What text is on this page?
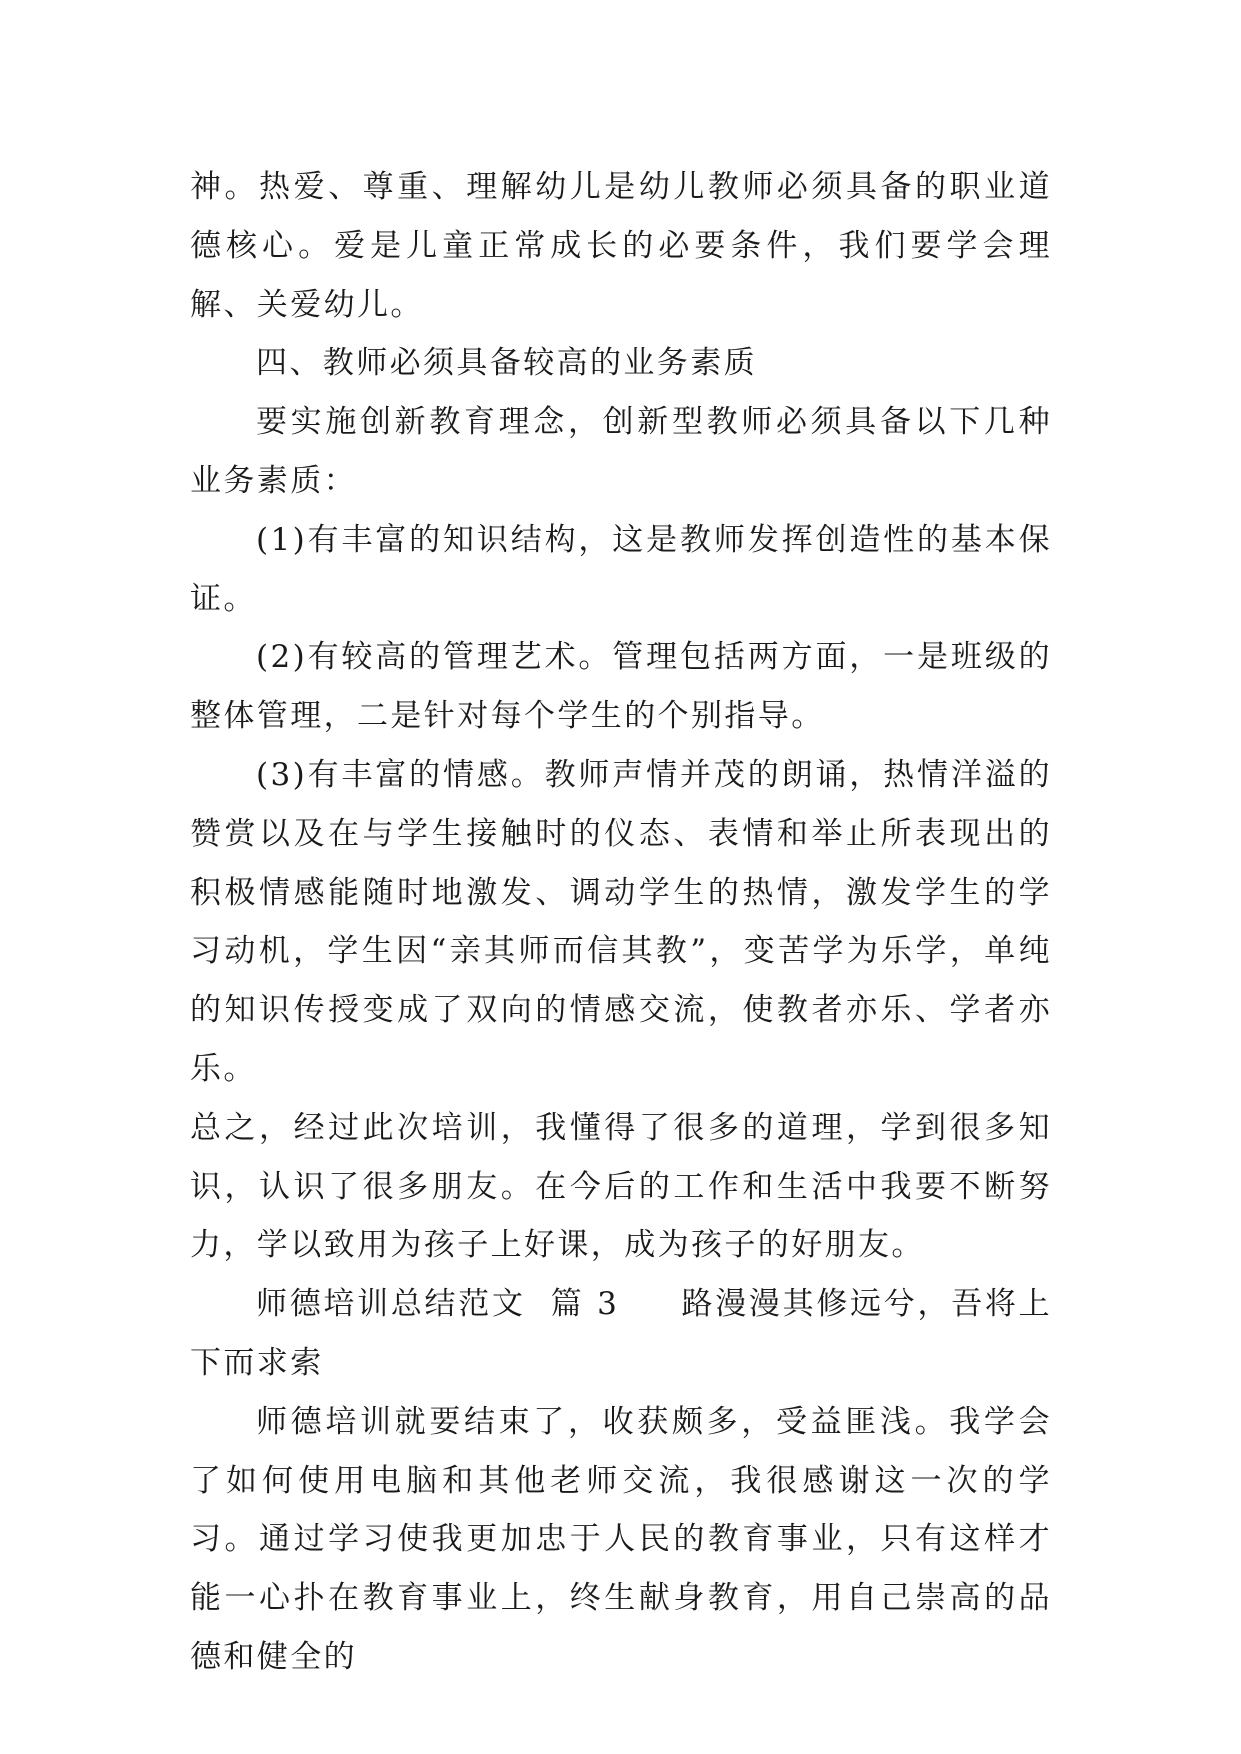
神。热爱、尊重、理解幼儿是幼儿教师必须具备的职业道德核心。爱是儿童正常成长的必要条件，我们要学会理解、关爱幼儿。

四、教师必须具备较高的业务素质

要实施创新教育理念，创新型教师必须具备以下几种业务素质：

(1)有丰富的知识结构，这是教师发挥创造性的基本保证。

(2)有较高的管理艺术。管理包括两方面，一是班级的整体管理，二是针对每个学生的个别指导。

(3)有丰富的情感。教师声情并茂的朗诵，热情洋溢的赞赏以及在与学生接触时的仪态、表情和举止所表现出的积极情感能随时地激发、调动学生的热情，激发学生的学习动机，学生因“亲其师而信其教”，变苦学为乐学，单纯的知识传授变成了双向的情感交流，使教者亦乐、学者亦乐。

总之，经过此次培训，我懂得了很多的道理，学到很多知识，认识了很多朋友。在今后的工作和生活中我要不断努力，学以致用为孩子上好课，成为孩子的好朋友。

师德培训总结范文 篇 3 路漫漫其修远兮，吾将上下而求索

师德培训就要结束了，收获颇多，受益匪浅。我学会了如何使用电脑和其他老师交流，我很感谢这一次的学习。通过学习使我更加忠于人民的教育事业，只有这样才能一心扑在教育事业上，终生献身教育，用自己崇高的品德和健全的
